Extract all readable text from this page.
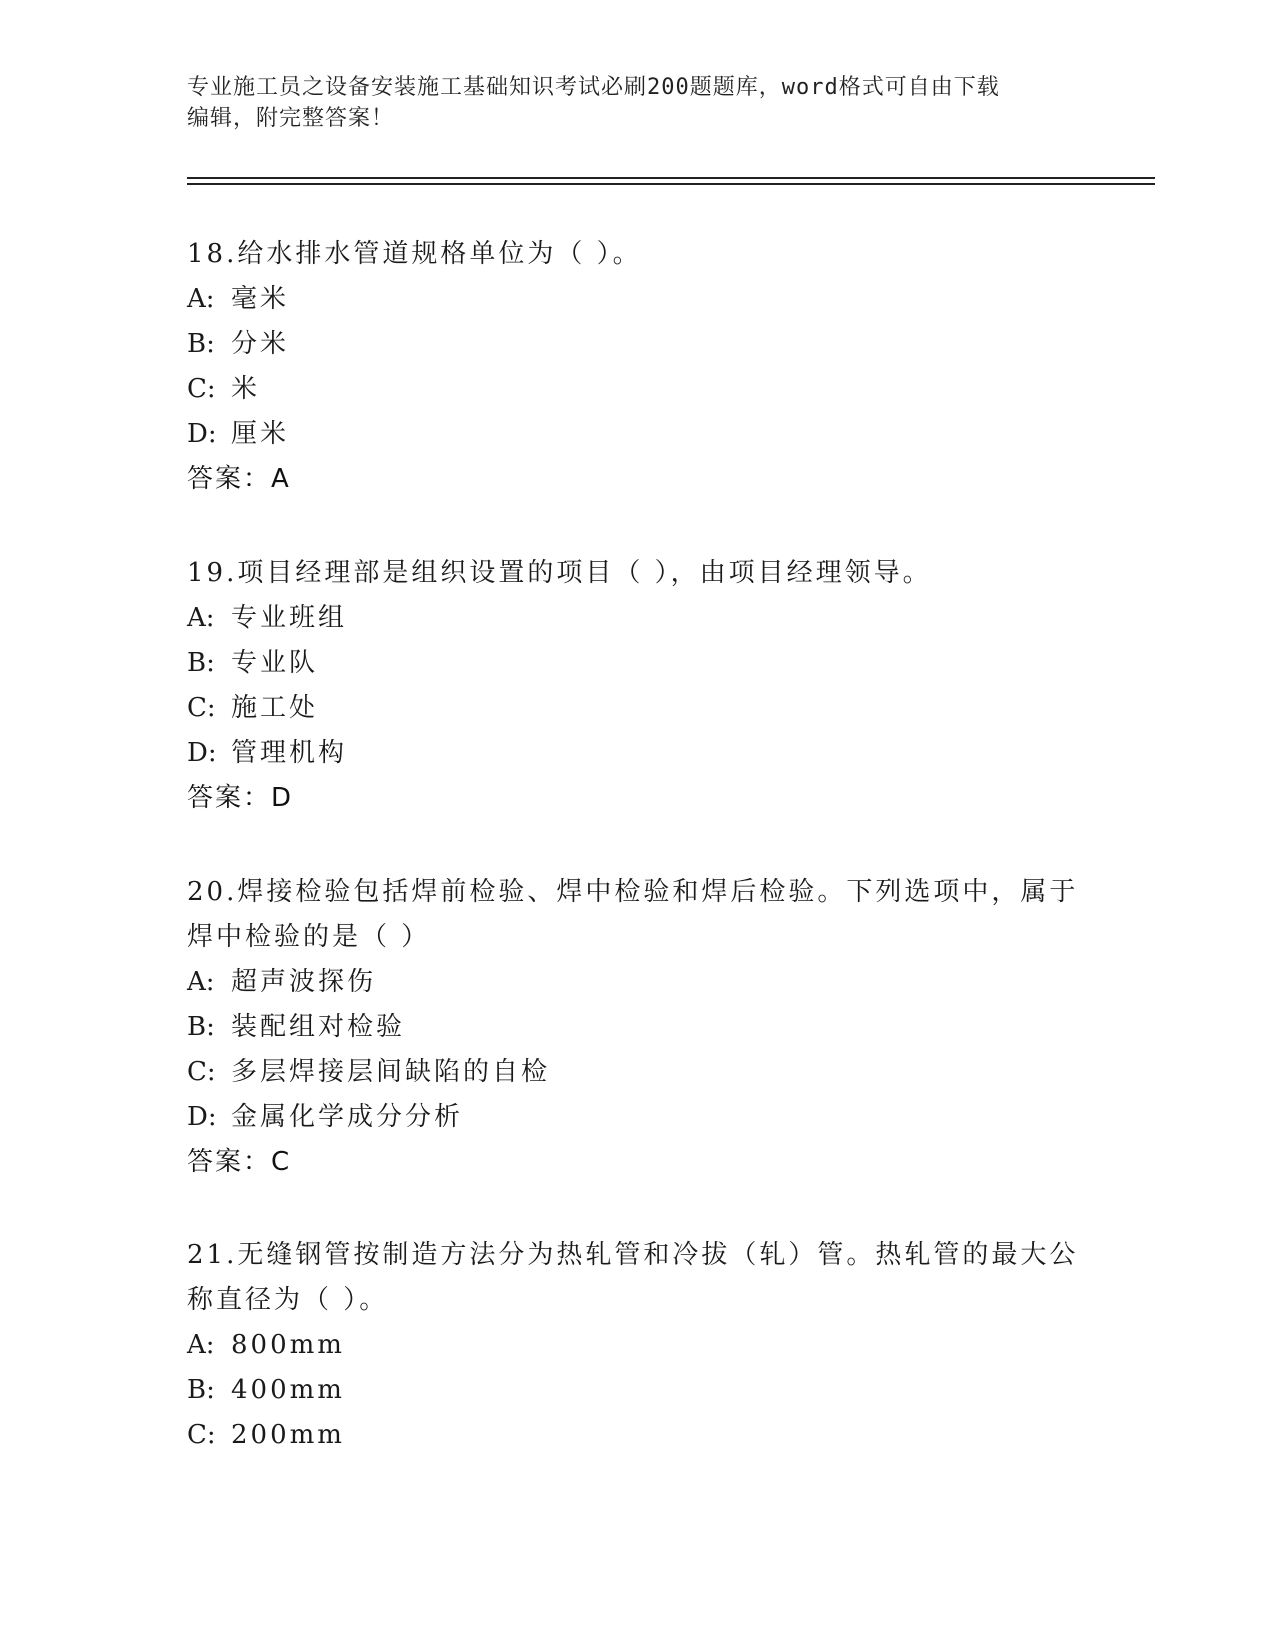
专业施工员之设备安装施工基础知识考试必刷200题题库，word格式可自由下载
编辑，附完整答案！

18.给水排水管道规格单位为（ ）。

A: 毫米

B: 分米

C: 米

D: 厘米

答案：A

19.项目经理部是组织设置的项目（ ），由项目经理领导。

A: 专业班组

B: 专业队

C: 施工处

D: 管理机构

答案：D

20.焊接检验包括焊前检验、焊中检验和焊后检验。下列选项中，属于焊中检验的是（ ）

A: 超声波探伤

B: 装配组对检验

C: 多层焊接层间缺陷的自检

D: 金属化学成分分析

答案：C

21.无缝钢管按制造方法分为热轧管和冷拔（轧）管。热轧管的最大公称直径为（ ）。

A: 800mm

B: 400mm

C: 200mm
